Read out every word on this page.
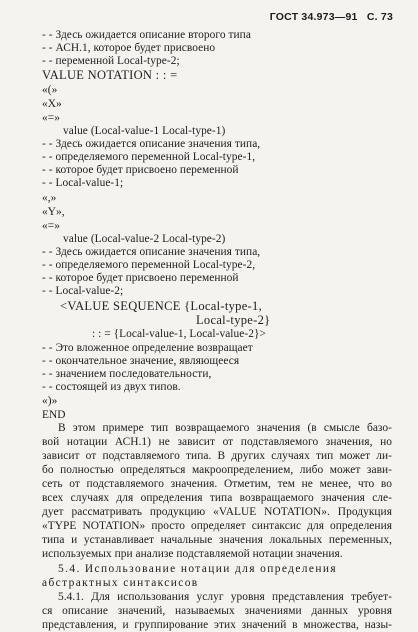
ГОСТ 34.973—91 С. 73
- - Здесь ожидается описание второго типа
- - АСН.1, которое будет присвоено
- - переменной Local-type-2;
VALUE NOTATION : : =
«(»
«X»
«=»
value (Local-value-1 Local-type-1)
- - Здесь ожидается описание значения типа,
- - определяемого переменной Local-type-1,
- - которое будет присвоено переменной
- - Local-value-1;
«,»
«Y»,
«=»
value (Local-value-2 Local-type-2)
- - Здесь ожидается описание значения типа,
- - определяемого переменной Local-type-2,
- - которое будет присвоено переменной
- - Local-value-2;
<VALUE SEQUENCE {Local-type-1,
Local-type-2}
: : = {Local-value-1, Local-value-2}>
- - Это вложенное определение возвращает
- - окончательное значение, являющееся
- - значением последовательности,
- - состоящей из двух типов.
«)»
END
В этом примере тип возвращаемого значения (в смысле базо-
вой нотации АСН.1) не зависит от подставляемого значения, но
зависит от подставляемого типа. В других случаях тип может ли-
бо полностью определяться макроопределением, либо может зави-
сеть от подставляемого значения. Отметим, тем не менее, что во
всех случаях для определения типа возвращаемого значения сле-
дует рассматривать продукцию «VALUE NOTATION». Продукция
«TYPE NOTATION» просто определяет синтаксис для определения
типа и устанавливает начальные значения локальных переменных,
используемых при анализе подставляемой нотации значения.
5.4. Использование нотации для определения
абстрактных синтаксисов
5.4.1. Для использования услуг уровня представления требует-
ся описание значений, называемых значениями данных уровня
представления, и группирование этих значений в множества, назы-
